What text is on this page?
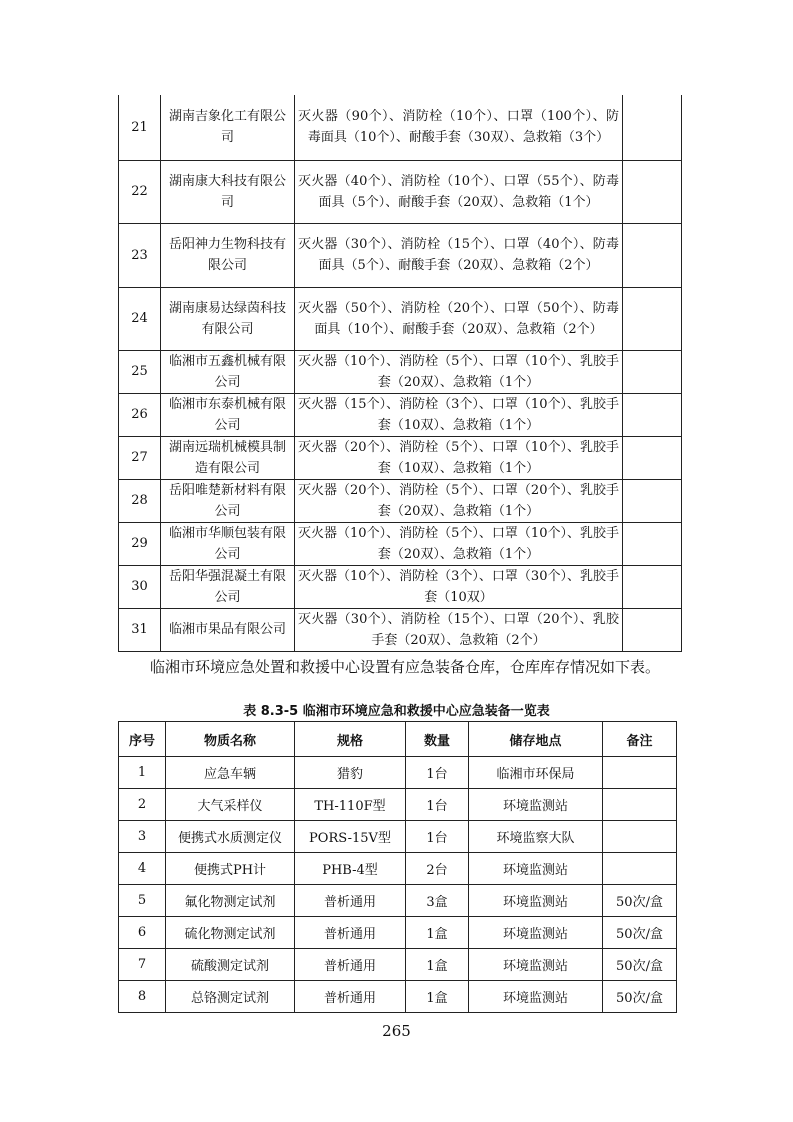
21	湖南吉象化工有限公司	灭火器（90个）、消防栓（10个）、口罩（100个）、防毒面具（10个）、耐酸手套（30双）、急救箱（3个）	
22	湖南康大科技有限公司	灭火器（40个）、消防栓（10个）、口罩（55个）、防毒面具（5个）、耐酸手套（20双）、急救箱（1个）	
23	岳阳神力生物科技有限公司	灭火器（30个）、消防栓（15个）、口罩（40个）、防毒面具（5个）、耐酸手套（20双）、急救箱（2个）	
24	湖南康易达绿茵科技有限公司	灭火器（50个）、消防栓（20个）、口罩（50个）、防毒面具（10个）、耐酸手套（20双）、急救箱（2个）	
25	临湘市五鑫机械有限公司	灭火器（10个）、消防栓（5个）、口罩（10个）、乳胶手套（20双）、急救箱（1个）	
26	临湘市东泰机械有限公司	灭火器（15个）、消防栓（3个）、口罩（10个）、乳胶手套（10双）、急救箱（1个）	
27	湖南远瑞机械模具制造有限公司	灭火器（20个）、消防栓（5个）、口罩（10个）、乳胶手套（10双）、急救箱（1个）	
28	岳阳唯楚新材料有限公司	灭火器（20个）、消防栓（5个）、口罩（20个）、乳胶手套（20双）、急救箱（1个）	
29	临湘市华顺包装有限公司	灭火器（10个）、消防栓（5个）、口罩（10个）、乳胶手套（20双）、急救箱（1个）	
30	岳阳华强混凝土有限公司	灭火器（10个）、消防栓（3个）、口罩（30个）、乳胶手套（10双）	
31	临湘市果品有限公司	灭火器（30个）、消防栓（15个）、口罩（20个）、乳胶手套（20双）、急救箱（2个）	
临湘市环境应急处置和救援中心设置有应急装备仓库，仓库库存情况如下表。
表 8.3-5 临湘市环境应急和救援中心应急装备一览表
序号	物质名称	规格	数量	储存地点	备注
1	应急车辆	猎豹	1台	临湘市环保局	
2	大气采样仪	TH-110F型	1台	环境监测站	
3	便携式水质测定仪	PORS-15V型	1台	环境监察大队	
4	便携式PH计	PHB-4型	2台	环境监测站	
5	氟化物测定试剂	普析通用	3盒	环境监测站	50次/盒
6	硫化物测定试剂	普析通用	1盒	环境监测站	50次/盒
7	硫酸测定试剂	普析通用	1盒	环境监测站	50次/盒
8	总铬测定试剂	普析通用	1盒	环境监测站	50次/盒
265
